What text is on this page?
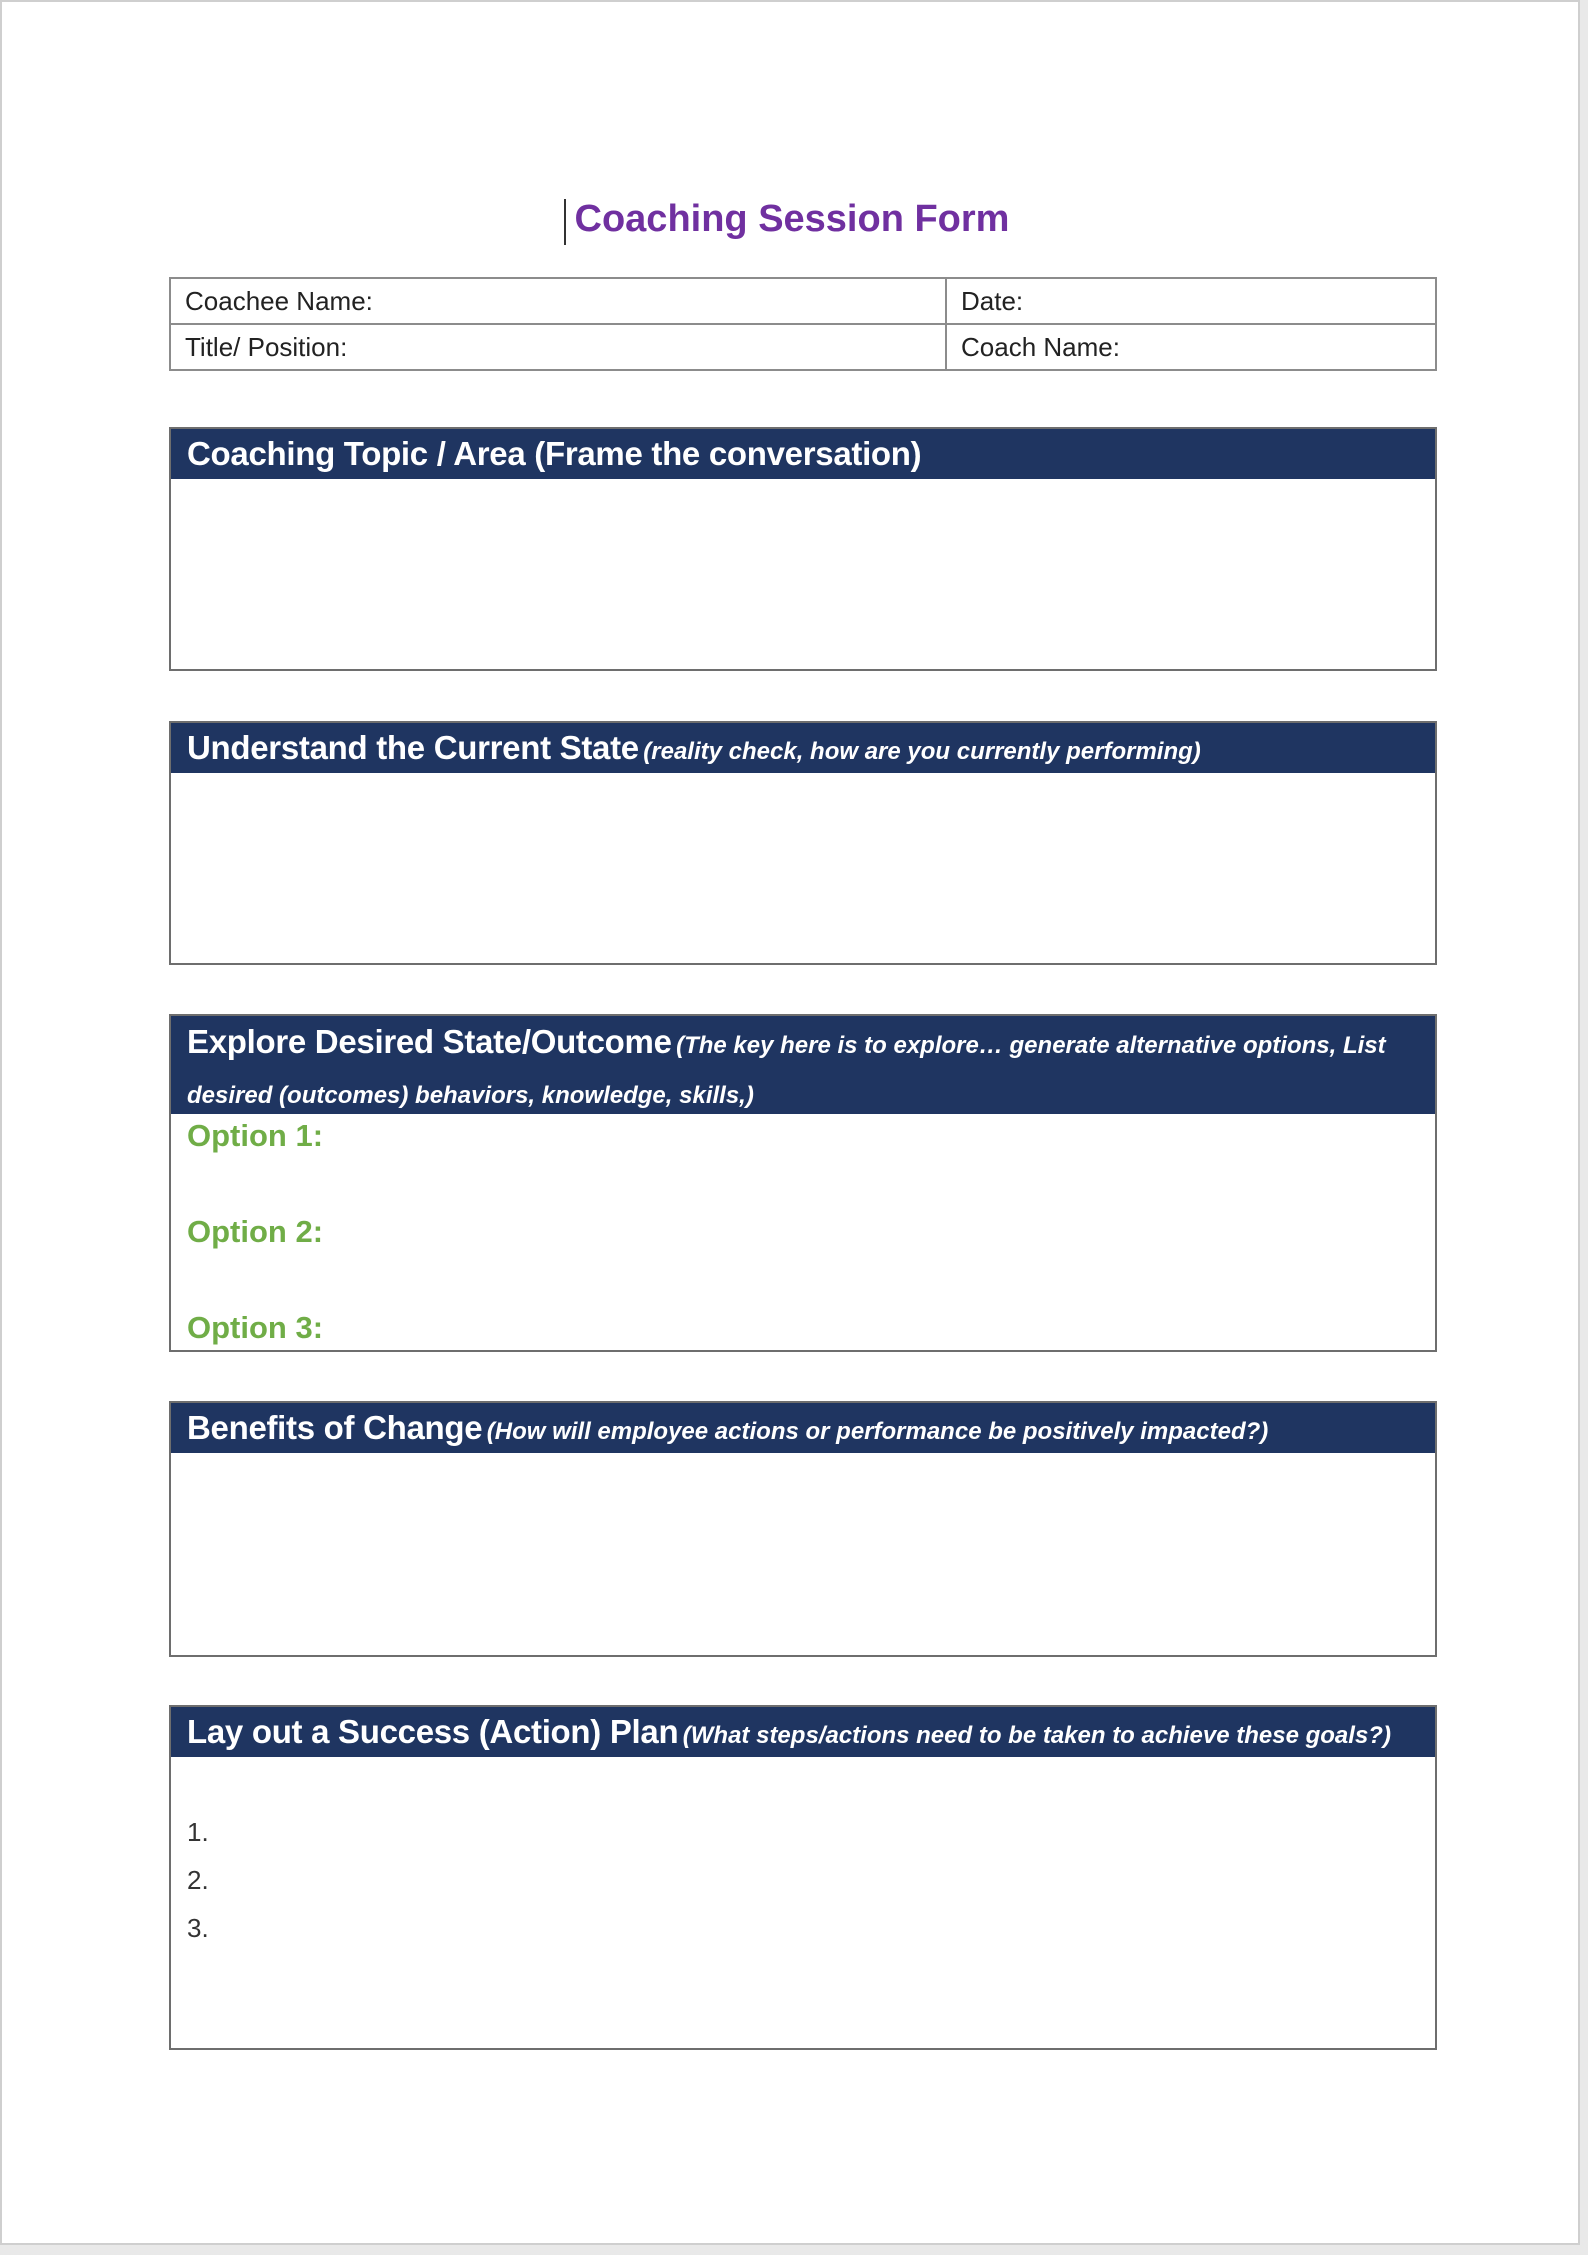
Coaching Session Form
Coachee Name:	Date:
Title/ Position:	Coach Name:
Coaching Topic / Area (Frame the conversation)
Understand the Current State (reality check, how are you currently performing)
Explore Desired State/Outcome (The key here is to explore… generate alternative options, List desired (outcomes) behaviors, knowledge, skills,)
Option 1:
Option 2:
Option 3:
Benefits of Change (How will employee actions or performance be positively impacted?)
Lay out a Success (Action) Plan (What steps/actions need to be taken to achieve these goals?)
1.
2.
3.
